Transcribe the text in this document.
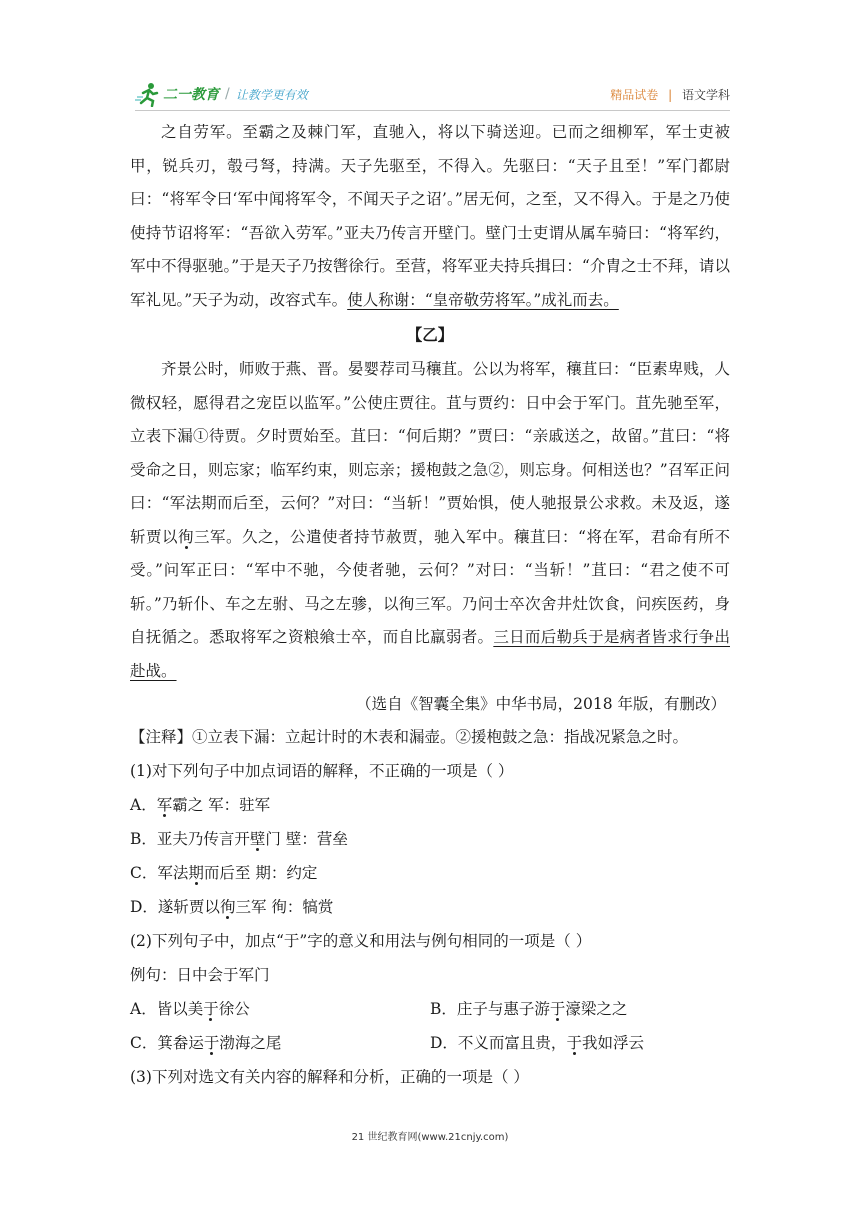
二一教育 / 让教学更有效	精品试卷 | 语文学科

之自劳军。至霸之及棘门军，直驰入，将以下骑送迎。已而之细柳军，军士吏被甲，锐兵刃，彀弓弩，持满。天子先驱至，不得入。先驱曰：“天子且至！”军门都尉曰：“将军令曰‘军中闻将军令，不闻天子之诏’。”居无何，之至，又不得入。于是之乃使使持节诏将军：“吾欲入劳军。”亚夫乃传言开壁门。壁门士吏谓从属车骑曰：“将军约，军中不得驱驰。”于是天子乃按辔徐行。至营，将军亚夫持兵揖曰：“介胄之士不拜，请以军礼见。”天子为动，改容式车。使人称谢：“皇帝敬劳将军。”成礼而去。

【乙】

齐景公时，师败于燕、晋。晏婴荐司马穰苴。公以为将军，穰苴曰：“臣素卑贱，人微权轻，愿得君之宠臣以监军。”公使庄贾往。苴与贾约：日中会于军门。苴先驰至军，立表下漏①待贾。夕时贾始至。苴曰：“何后期？”贾曰：“亲戚送之，故留。”苴曰：“将受命之日，则忘家；临军约束，则忘亲；援枹鼓之急②，则忘身。何相送也？”召军正问曰：“军法期而后至，云何？”对曰：“当斩！”贾始惧，使人驰报景公求救。未及返，遂斩贾以徇三军。久之，公遣使者持节赦贾，驰入军中。穰苴曰：“将在军，君命有所不受。”问军正曰：“军中不驰，今使者驰，云何？”对曰：“当斩！”苴曰：“君之使不可斩。”乃斩仆、车之左驸、马之左骖，以徇三军。乃问士卒次舍井灶饮食，问疾医药，身自抚循之。悉取将军之资粮飨士卒，而自比羸弱者。三日而后勒兵于是病者皆求行争出赴战。

（选自《智囊全集》中华书局，2018 年版，有删改）

【注释】①立表下漏：立起计时的木表和漏壶。②援枹鼓之急：指战况紧急之时。

(1)对下列句子中加点词语的解释，不正确的一项是（ ）

A．军霸之 军：驻军

B．亚夫乃传言开壁门 壁：营垒

C．军法期而后至 期：约定

D．遂斩贾以徇三军 徇：犒赏

(2)下列句子中，加点“于”字的意义和用法与例句相同的一项是（ ）

例句：日中会于军门

A．皆以美于徐公	B．庄子与惠子游于濠梁之之
C．箕畚运于渤海之尾	D．不义而富且贵，于我如浮云

(3)下列对选文有关内容的解释和分析，正确的一项是（ ）

21 世纪教育网(www.21cnjy.com)
